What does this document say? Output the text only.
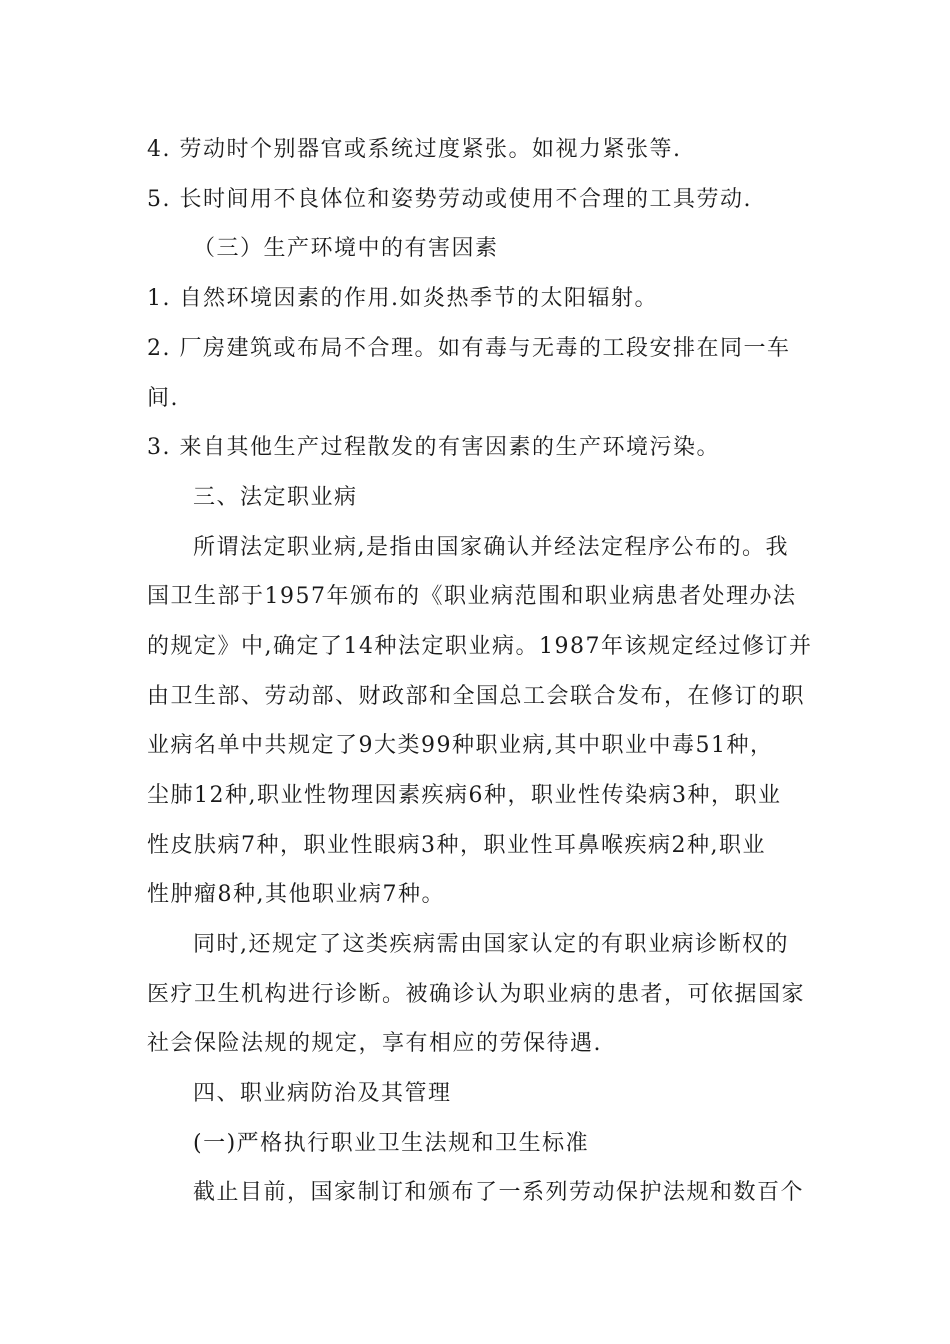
4. 劳动时个别器官或系统过度紧张。如视力紧张等.
5. 长时间用不良体位和姿势劳动或使用不合理的工具劳动.
（三）生产环境中的有害因素
1. 自然环境因素的作用.如炎热季节的太阳辐射。
2. 厂房建筑或布局不合理。如有毒与无毒的工段安排在同一车
间.
3. 来自其他生产过程散发的有害因素的生产环境污染。
三、法定职业病
所谓法定职业病,是指由国家确认并经法定程序公布的。我
国卫生部于1957年颁布的《职业病范围和职业病患者处理办法
的规定》中,确定了14种法定职业病。1987年该规定经过修订并
由卫生部、劳动部、财政部和全国总工会联合发布，在修订的职
业病名单中共规定了9大类99种职业病,其中职业中毒51种，
尘肺12种,职业性物理因素疾病6种，职业性传染病3种，职业
性皮肤病7种，职业性眼病3种，职业性耳鼻喉疾病2种,职业
性肿瘤8种,其他职业病7种。
同时,还规定了这类疾病需由国家认定的有职业病诊断权的
医疗卫生机构进行诊断。被确诊认为职业病的患者，可依据国家
社会保险法规的规定，享有相应的劳保待遇.
四、职业病防治及其管理
(一)严格执行职业卫生法规和卫生标准
截止目前，国家制订和颁布了一系列劳动保护法规和数百个
